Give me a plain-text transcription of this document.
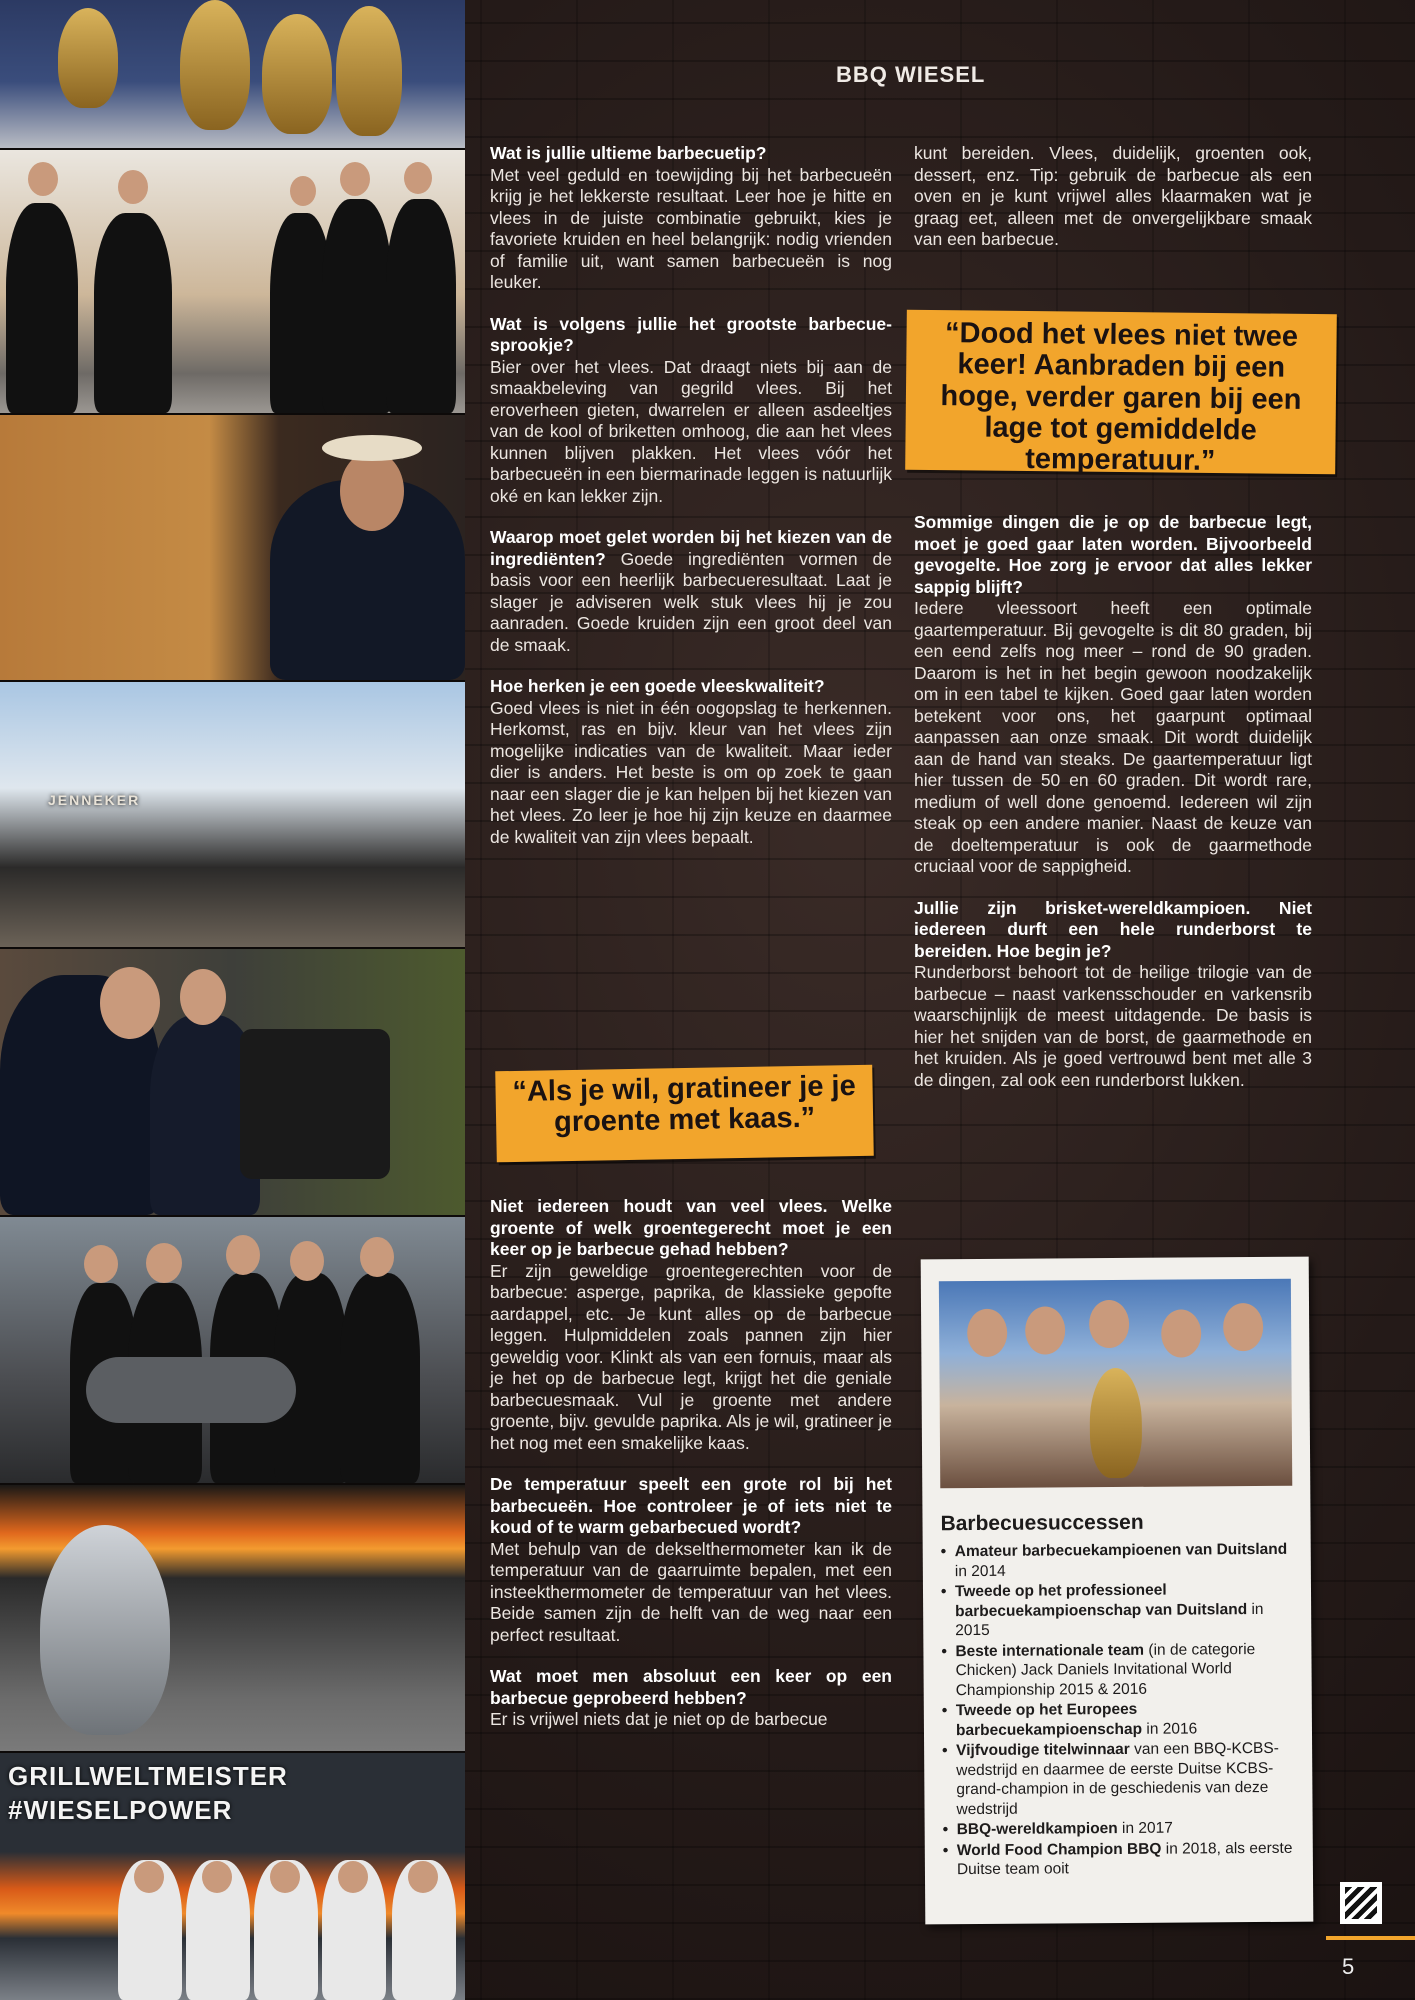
JENNEKER
GRILLWELTMEISTER #WIESELPOWER
BBQ WIESEL
Wat is jullie ultieme barbecuetip?
Met veel geduld en toewijding bij het barbecueën krijg je het lekkerste resultaat. Leer hoe je hitte en vlees in de juiste combinatie gebruikt, kies je favoriete kruiden en heel belangrijk: nodig vrienden of familie uit, want samen barbecueën is nog leuker.
Wat is volgens jullie het grootste barbecue-sprookje?
Bier over het vlees. Dat draagt niets bij aan de smaakbeleving van gegrild vlees. Bij het eroverheen gieten, dwarrelen er alleen asdeeltjes van de kool of briketten omhoog, die aan het vlees kunnen blijven plakken. Het vlees vóór het barbecueën in een biermarinade leggen is natuurlijk oké en kan lekker zijn.
Waarop moet gelet worden bij het kiezen van de ingrediënten? Goede ingrediënten vormen de basis voor een heerlijk barbecueresultaat. Laat je slager je adviseren welk stuk vlees hij je zou aanraden. Goede kruiden zijn een groot deel van de smaak.
Hoe herken je een goede vleeskwaliteit?
Goed vlees is niet in één oogopslag te herkennen. Herkomst, ras en bijv. kleur van het vlees zijn mogelijke indicaties van de kwaliteit. Maar ieder dier is anders. Het beste is om op zoek te gaan naar een slager die je kan helpen bij het kiezen van het vlees. Zo leer je hoe hij zijn keuze en daarmee de kwaliteit van zijn vlees bepaalt.
“Als je wil, gratineer je je groente met kaas.”
Niet iedereen houdt van veel vlees. Welke groente of welk groentegerecht moet je een keer op je barbecue gehad hebben?
Er zijn geweldige groentegerechten voor de barbecue: asperge, paprika, de klassieke gepofte aardappel, etc. Je kunt alles op de barbecue leggen. Hulpmiddelen zoals pannen zijn hier geweldig voor. Klinkt als van een fornuis, maar als je het op de barbecue legt, krijgt het die geniale barbecuesmaak. Vul je groente met andere groente, bijv. gevulde paprika. Als je wil, gratineer je het nog met een smakelijke kaas.
De temperatuur speelt een grote rol bij het barbecueën. Hoe controleer je of iets niet te koud of te warm gebarbecued wordt?
Met behulp van de dekselthermometer kan ik de temperatuur van de gaarruimte bepalen, met een insteekthermometer de temperatuur van het vlees. Beide samen zijn de helft van de weg naar een perfect resultaat.
Wat moet men absoluut een keer op een barbecue geprobeerd hebben?
Er is vrijwel niets dat je niet op de barbecue
kunt bereiden. Vlees, duidelijk, groenten ook, dessert, enz. Tip: gebruik de barbecue als een oven en je kunt vrijwel alles klaarmaken wat je graag eet, alleen met de onvergelijkbare smaak van een barbecue.
“Dood het vlees niet twee keer! Aanbraden bij een hoge, verder garen bij een lage tot gemiddelde temperatuur.”
Sommige dingen die je op de barbecue legt, moet je goed gaar laten worden. Bijvoorbeeld gevogelte. Hoe zorg je ervoor dat alles lekker sappig blijft?
Iedere vleessoort heeft een optimale gaartemperatuur. Bij gevogelte is dit 80 graden, bij een eend zelfs nog meer – rond de 90 graden. Daarom is het in het begin gewoon noodzakelijk om in een tabel te kijken. Goed gaar laten worden betekent voor ons, het gaarpunt optimaal aanpassen aan onze smaak. Dit wordt duidelijk aan de hand van steaks. De gaartemperatuur ligt hier tussen de 50 en 60 graden. Dit wordt rare, medium of well done genoemd. Iedereen wil zijn steak op een andere manier. Naast de keuze van de doeltemperatuur is ook de gaarmethode cruciaal voor de sappigheid.
Jullie zijn brisket-wereldkampioen. Niet iedereen durft een hele runderborst te bereiden. Hoe begin je?
Runderborst behoort tot de heilige trilogie van de barbecue – naast varkensschouder en varkensrib waarschijnlijk de meest uitdagende. De basis is hier het snijden van de borst, de gaarmethode en het kruiden. Als je goed vertrouwd bent met alle 3 de dingen, zal ook een runderborst lukken.
Barbecuesuccessen
• Amateur barbecuekampioenen van Duitsland in 2014
• Tweede op het professioneel barbecuekampioenschap van Duitsland in 2015
• Beste internationale team (in de categorie Chicken) Jack Daniels Invitational World Championship 2015 & 2016
• Tweede op het Europees barbecuekampioenschap in 2016
• Vijfvoudige titelwinnaar van een BBQ-KCBS-wedstrijd en daarmee de eerste Duitse KCBS-grand-champion in de geschiedenis van deze wedstrijd
• BBQ-wereldkampioen in 2017
• World Food Champion BBQ in 2018, als eerste Duitse team ooit
5
